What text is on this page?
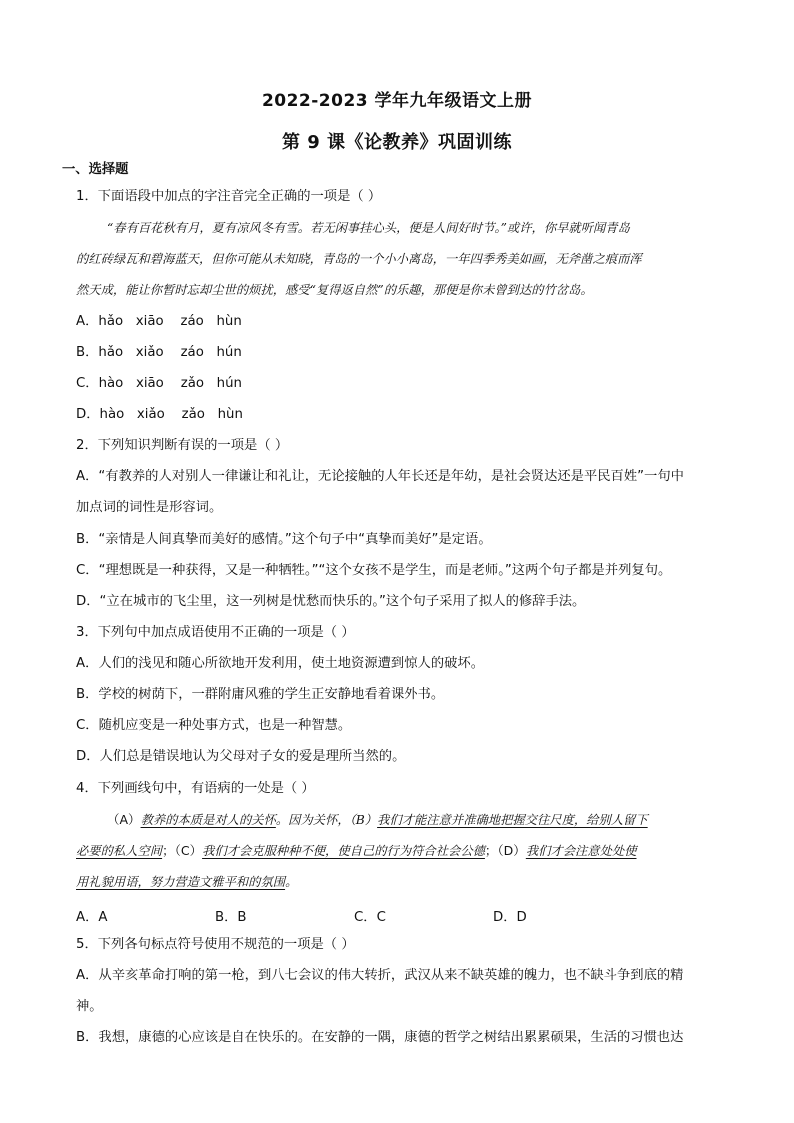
2022-2023 学年九年级语文上册
第 9 课《论教养》巩固训练
一、选择题
1．下面语段中加点的字注音完全正确的一项是（ ）
“春有百花秋有月，夏有凉风冬有雪。若无闲事挂心头，便是人间好时节。”或许，你早就听闻青岛
的红砖绿瓦和碧海蓝天，但你可能从未知晓，青岛的一个小小离岛，一年四季秀美如画，无斧凿之痕而浑
然天成，能让你暂时忘却尘世的烦扰，感受“复得返自然”的乐趣，那便是你未曾到达的竹岔岛。
A．hǎo   xiāo    záo   hùn
B．hǎo   xiǎo    záo   hún
C．hào   xiāo    zǎo   hún
D．hào   xiǎo    zǎo   hùn
2．下列知识判断有误的一项是（ ）
A．“有教养的人对别人一律谦让和礼让，无论接触的人年长还是年幼，是社会贤达还是平民百姓”一句中
加点词的词性是形容词。
B．“亲情是人间真挚而美好的感情。”这个句子中“真挚而美好”是定语。
C．“理想既是一种获得，又是一种牺牲。”“这个女孩不是学生，而是老师。”这两个句子都是并列复句。
D．“立在城市的飞尘里，这一列树是忧愁而快乐的。”这个句子采用了拟人的修辞手法。
3．下列句中加点成语使用不正确的一项是（ ）
A．人们的浅见和随心所欲地开发利用，使土地资源遭到惊人的破坏。
B．学校的树荫下，一群附庸风雅的学生正安静地看着课外书。
C．随机应变是一种处事方式，也是一种智慧。
D．人们总是错误地认为父母对子女的爱是理所当然的。
4．下列画线句中，有语病的一处是（ ）
（A）教养的本质是对人的关怀。因为关怀，（B）我们才能注意并准确地把握交往尺度，给别人留下
必要的私人空间；（C）我们才会克服种种不便，使自己的行为符合社会公德；（D）我们才会注意处处使
用礼貌用语，努力营造文雅平和的氛围。
A．A	B．B	C．C	D．D
5．下列各句标点符号使用不规范的一项是（ ）
A．从辛亥革命打响的第一枪，到八七会议的伟大转折，武汉从来不缺英雄的魄力，也不缺斗争到底的精
神。
B．我想，康德的心应该是自在快乐的。在安静的一隅，康德的哲学之树结出累累硕果，生活的习惯也达
